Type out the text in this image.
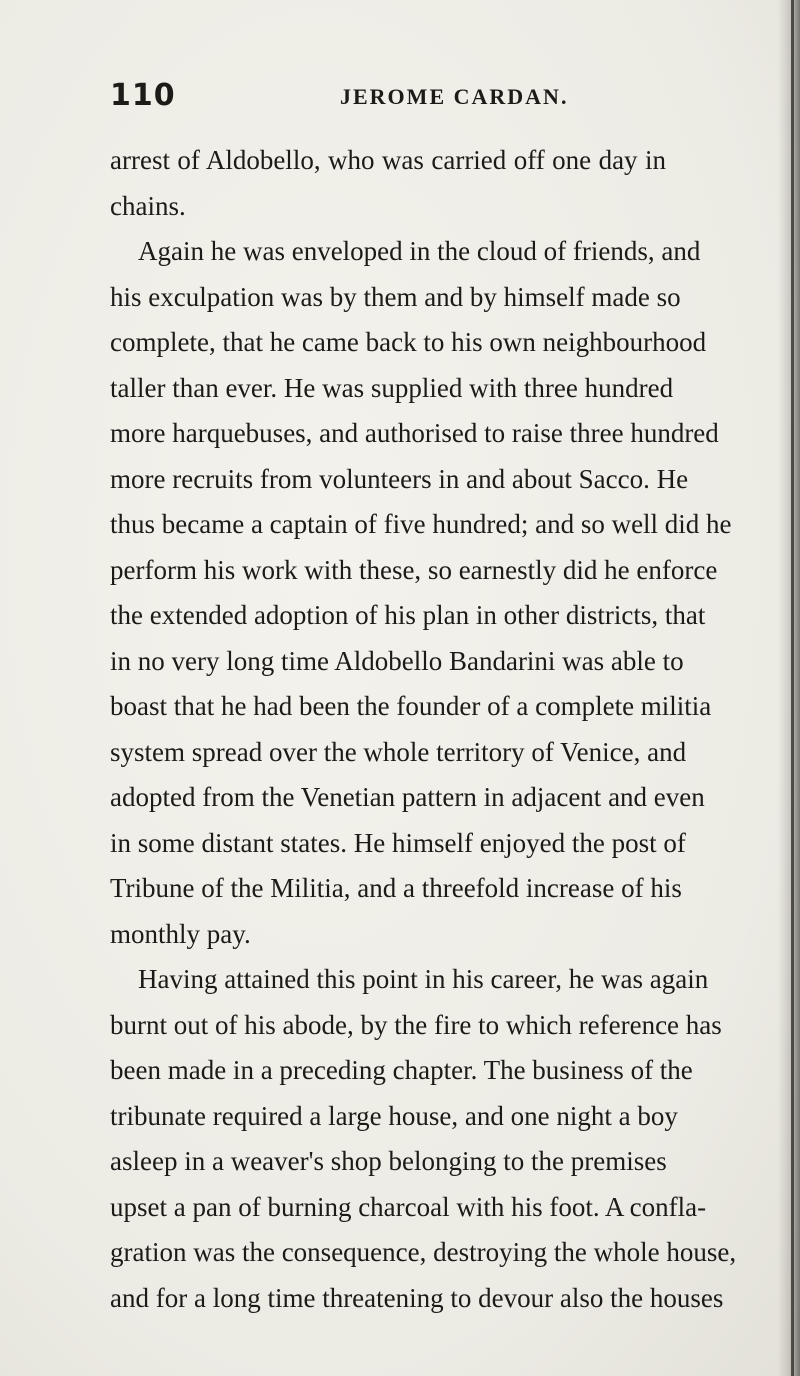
110	JEROME CARDAN.
arrest of Aldobello, who was carried off one day in
chains.
Again he was enveloped in the cloud of friends, and
his exculpation was by them and by himself made so
complete, that he came back to his own neighbourhood
taller than ever. He was supplied with three hundred
more harquebuses, and authorised to raise three hundred
more recruits from volunteers in and about Sacco. He
thus became a captain of five hundred; and so well did he
perform his work with these, so earnestly did he enforce
the extended adoption of his plan in other districts, that
in no very long time Aldobello Bandarini was able to
boast that he had been the founder of a complete militia
system spread over the whole territory of Venice, and
adopted from the Venetian pattern in adjacent and even
in some distant states. He himself enjoyed the post of
Tribune of the Militia, and a threefold increase of his
monthly pay.
Having attained this point in his career, he was again
burnt out of his abode, by the fire to which reference has
been made in a preceding chapter. The business of the
tribunate required a large house, and one night a boy
asleep in a weaver's shop belonging to the premises
upset a pan of burning charcoal with his foot. A confla-
gration was the consequence, destroying the whole house,
and for a long time threatening to devour also the houses
